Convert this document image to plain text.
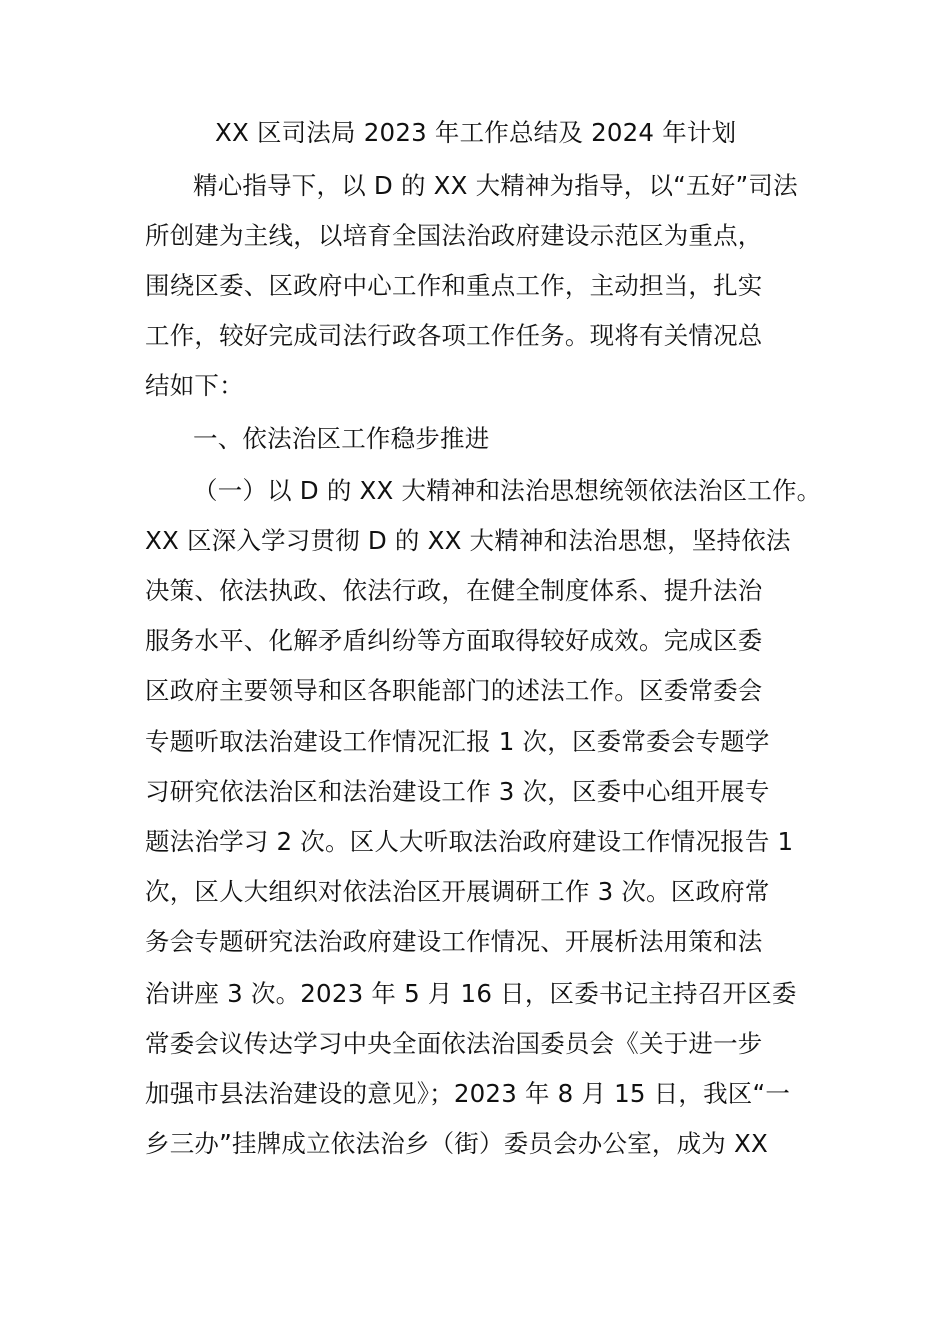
XX 区司法局 2023 年工作总结及 2024 年计划
精心指导下，以 D 的 XX 大精神为指导，以“五好”司法
所创建为主线，以培育全国法治政府建设示范区为重点，
围绕区委、区政府中心工作和重点工作，主动担当，扎实
工作，较好完成司法行政各项工作任务。现将有关情况总
结如下：
一、依法治区工作稳步推进
（一）以 D 的 XX 大精神和法治思想统领依法治区工作。
XX 区深入学习贯彻 D 的 XX 大精神和法治思想，坚持依法
决策、依法执政、依法行政，在健全制度体系、提升法治
服务水平、化解矛盾纠纷等方面取得较好成效。完成区委
区政府主要领导和区各职能部门的述法工作。区委常委会
专题听取法治建设工作情况汇报 1 次，区委常委会专题学
习研究依法治区和法治建设工作 3 次，区委中心组开展专
题法治学习 2 次。区人大听取法治政府建设工作情况报告 1
次，区人大组织对依法治区开展调研工作 3 次。区政府常
务会专题研究法治政府建设工作情况、开展析法用策和法
治讲座 3 次。2023 年 5 月 16 日，区委书记主持召开区委
常委会议传达学习中央全面依法治国委员会《关于进一步
加强市县法治建设的意见》；2023 年 8 月 15 日，我区“一
乡三办”挂牌成立依法治乡（街）委员会办公室，成为 XX
